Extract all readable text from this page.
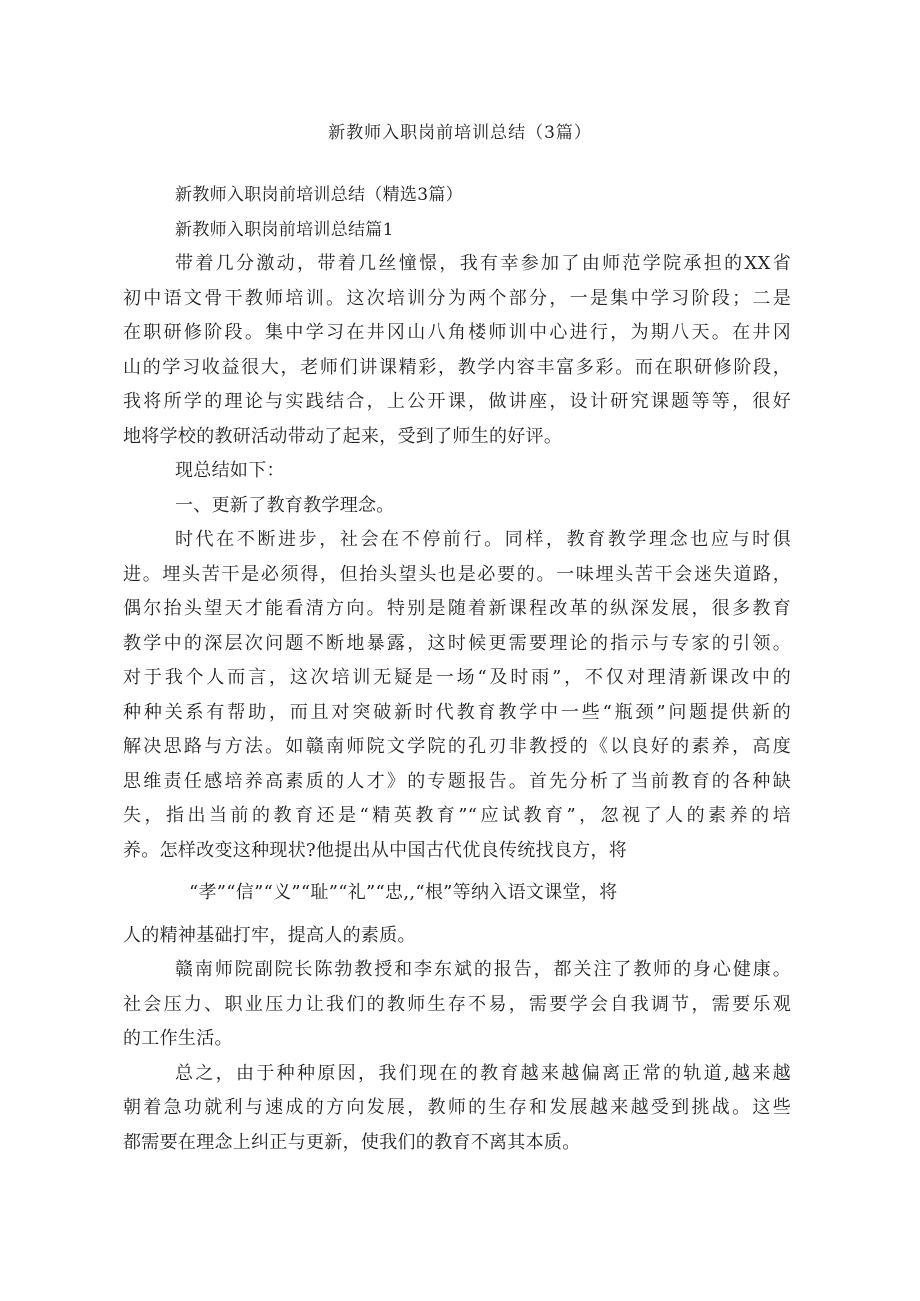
新教师入职岗前培训总结（3篇）
新教师入职岗前培训总结（精选3篇）
新教师入职岗前培训总结篇1
带着几分激动，带着几丝憧憬，我有幸参加了由师范学院承担的XX省
初中语文骨干教师培训。这次培训分为两个部分，一是集中学习阶段；二是
在职研修阶段。集中学习在井冈山八角楼师训中心进行，为期八天。在井冈
山的学习收益很大，老师们讲课精彩，教学内容丰富多彩。而在职研修阶段，
我将所学的理论与实践结合，上公开课，做讲座，设计研究课题等等，很好
地将学校的教研活动带动了起来，受到了师生的好评。
现总结如下：
一、更新了教育教学理念。
时代在不断进步，社会在不停前行。同样，教育教学理念也应与时俱
进。埋头苦干是必须得，但抬头望头也是必要的。一味埋头苦干会迷失道路，
偶尔抬头望天才能看清方向。特别是随着新课程改革的纵深发展，很多教育
教学中的深层次问题不断地暴露，这时候更需要理论的指示与专家的引领。
对于我个人而言，这次培训无疑是一场“及时雨”，不仅对理清新课改中的
种种关系有帮助，而且对突破新时代教育教学中一些“瓶颈”问题提供新的
解决思路与方法。如赣南师院文学院的孔刃非教授的《以良好的素养，高度
思维责任感培养高素质的人才》的专题报告。首先分析了当前教育的各种缺
失，指出当前的教育还是“精英教育”“应试教育”，忽视了人的素养的培
养。怎样改变这种现状?他提出从中国古代优良传统找良方，将
“孝”“信”“义”“耻”“礼”“忠,,“根”等纳入语文课堂，将
人的精神基础打牢，提高人的素质。
赣南师院副院长陈勃教授和李东斌的报告，都关注了教师的身心健康。
社会压力、职业压力让我们的教师生存不易，需要学会自我调节，需要乐观
的工作生活。
总之，由于种种原因，我们现在的教育越来越偏离正常的轨道,越来越
朝着急功就利与速成的方向发展，教师的生存和发展越来越受到挑战。这些
都需要在理念上纠正与更新，使我们的教育不离其本质。
